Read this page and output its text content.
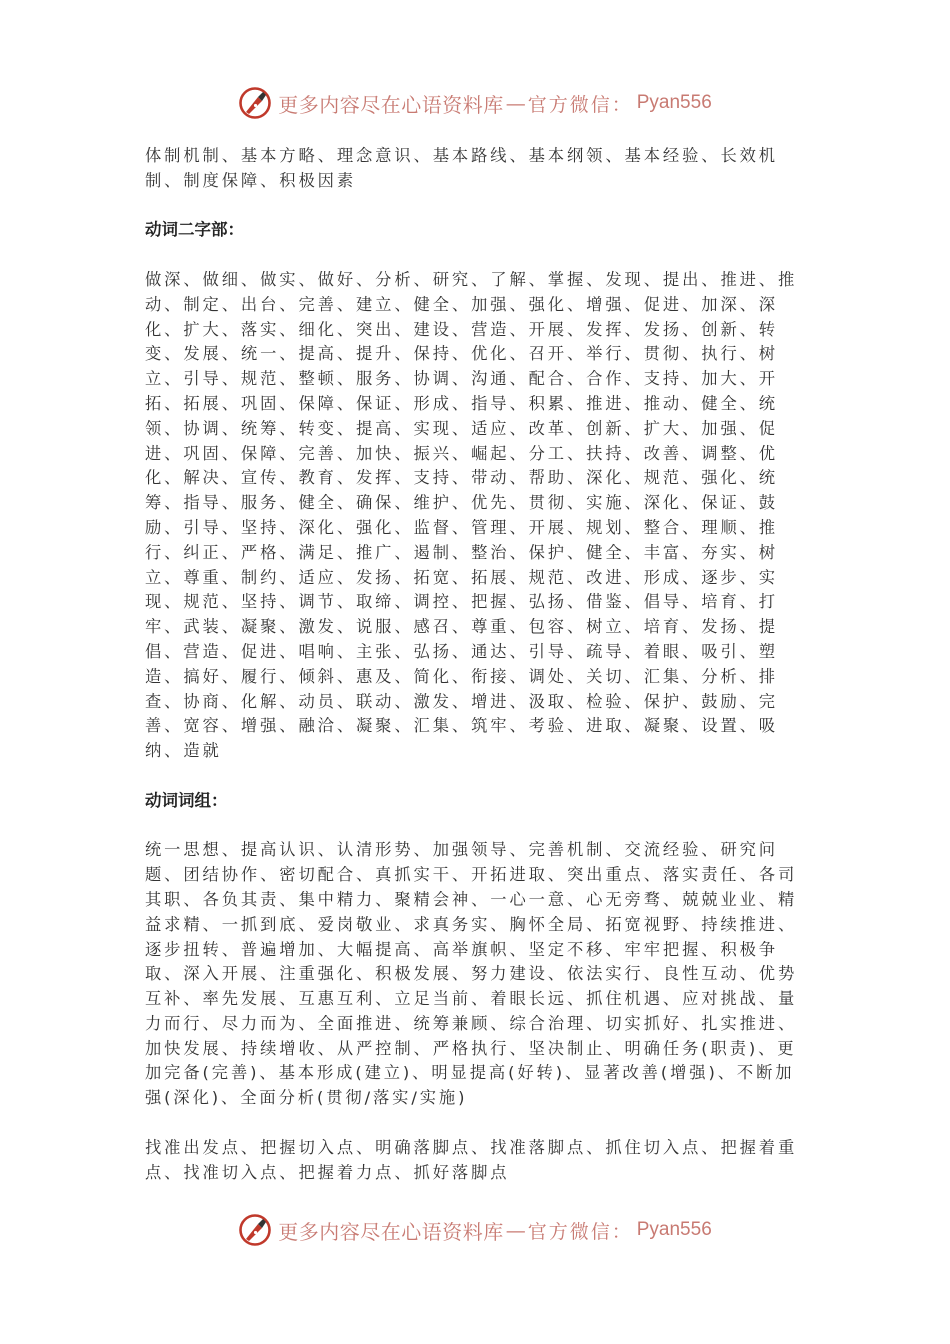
更多内容尽在心语资料库 — 官方微信： Pyan556

体制机制、基本方略、理念意识、基本路线、基本纲领、基本经验、长效机制、制度保障、积极因素

动词二字部：

做深、做细、做实、做好、分析、研究、了解、掌握、发现、提出、推进、推动、制定、出台、完善、建立、健全、加强、强化、增强、促进、加深、深化、扩大、落实、细化、突出、建设、营造、开展、发挥、发扬、创新、转变、发展、统一、提高、提升、保持、优化、召开、举行、贯彻、执行、树立、引导、规范、整顿、服务、协调、沟通、配合、合作、支持、加大、开拓、拓展、巩固、保障、保证、形成、指导、积累、推进、推动、健全、统领、协调、统筹、转变、提高、实现、适应、改革、创新、扩大、加强、促进、巩固、保障、完善、加快、振兴、崛起、分工、扶持、改善、调整、优化、解决、宣传、教育、发挥、支持、带动、帮助、深化、规范、强化、统筹、指导、服务、健全、确保、维护、优先、贯彻、实施、深化、保证、鼓励、引导、坚持、深化、强化、监督、管理、开展、规划、整合、理顺、推行、纠正、严格、满足、推广、遏制、整治、保护、健全、丰富、夯实、树立、尊重、制约、适应、发扬、拓宽、拓展、规范、改进、形成、逐步、实现、规范、坚持、调节、取缔、调控、把握、弘扬、借鉴、倡导、培育、打牢、武装、凝聚、激发、说服、感召、尊重、包容、树立、培育、发扬、提倡、营造、促进、唱响、主张、弘扬、通达、引导、疏导、着眼、吸引、塑造、搞好、履行、倾斜、惠及、简化、衔接、调处、关切、汇集、分析、排查、协商、化解、动员、联动、激发、增进、汲取、检验、保护、鼓励、完善、宽容、增强、融洽、凝聚、汇集、筑牢、考验、进取、凝聚、设置、吸纳、造就

动词词组：

统一思想、提高认识、认清形势、加强领导、完善机制、交流经验、研究问题、团结协作、密切配合、真抓实干、开拓进取、突出重点、落实责任、各司其职、各负其责、集中精力、聚精会神、一心一意、心无旁骛、兢兢业业、精益求精、一抓到底、爱岗敬业、求真务实、胸怀全局、拓宽视野、持续推进、逐步扭转、普遍增加、大幅提高、高举旗帜、坚定不移、牢牢把握、积极争取、深入开展、注重强化、积极发展、努力建设、依法实行、良性互动、优势互补、率先发展、互惠互利、立足当前、着眼长远、抓住机遇、应对挑战、量力而行、尽力而为、全面推进、统筹兼顾、综合治理、切实抓好、扎实推进、加快发展、持续增收、从严控制、严格执行、坚决制止、明确任务(职责)、更加完备(完善)、基本形成(建立)、明显提高(好转)、显著改善(增强)、不断加强(深化)、全面分析(贯彻/落实/实施)

找准出发点、把握切入点、明确落脚点、找准落脚点、抓住切入点、把握着重点、找准切入点、把握着力点、抓好落脚点

更多内容尽在心语资料库 — 官方微信： Pyan556
